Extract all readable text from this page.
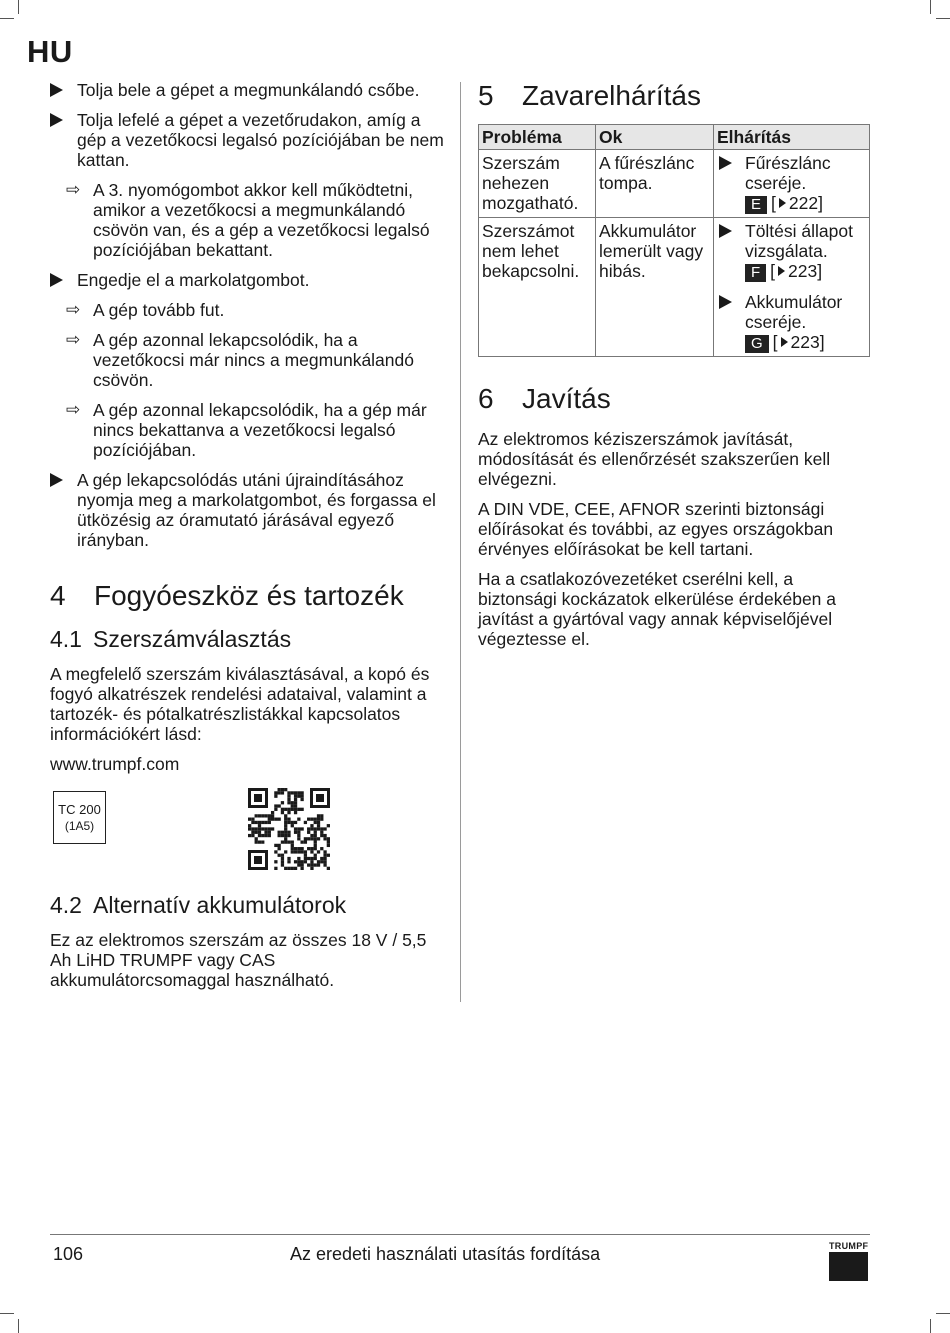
HU
Tolja bele a gépet a megmunkálandó csőbe.
Tolja lefelé a gépet a vezetőrudakon, amíg a gép a vezetőkocsi legalsó pozíciójában be nem kattan.
⇨ A 3. nyomógombot akkor kell működtetni, amikor a vezetőkocsi a megmunkálandó csövön van, és a gép a vezetőkocsi legalsó pozíciójában bekattant.
Engedje el a markolatgombot.
⇨ A gép tovább fut.
⇨ A gép azonnal lekapcsolódik, ha a vezetőkocsi már nincs a megmunkálandó csövön.
⇨ A gép azonnal lekapcsolódik, ha a gép már nincs bekattanva a vezetőkocsi legalsó pozíciójában.
A gép lekapcsolódás utáni újraindításához nyomja meg a markolatgombot, és forgassa el ütközésig az óramutató járásával egyező irányban.
4 Fogyóeszköz és tartozék
4.1 Szerszámválasztás

A megfelelő szerszám kiválasztásával, a kopó és fogyó alkatrészek rendelési adataival, valamint a tartozék- és pótalkatrészlistákkal kapcsolatos információkért lásd:

www.trumpf.com

TC 200
(1A5)
4.2 Alternatív akkumulátorok

Ez az elektromos szerszám az összes 18 V / 5,5 Ah LiHD TRUMPF vagy CAS akkumulátorcsomaggal használható.

5 Zavarelhárítás
Probléma	Ok	Elhárítás
Szerszám nehezen mozgatható.	A fűrészlánc tompa.	Fűrészlánc cseréje.
E [ 222]

Szerszámot nem lehet bekapcsolni.	Akkumulátor lemerült vagy hibás.	Töltési állapot vizsgálata.
F [ 223]
Akkumulátor cseréje.
G [ 223]
6 Javítás

Az elektromos kéziszerszámok javítását, módosítását és ellenőrzését szakszerűen kell elvégezni.

A DIN VDE, CEE, AFNOR szerinti biztonsági előírásokat és további, az egyes országokban érvényes előírásokat be kell tartani.

Ha a csatlakozóvezetéket cserélni kell, a biztonsági kockázatok elkerülése érdekében a javítást a gyártóval vagy annak képviselőjével végeztesse el.

106	Az eredeti használati utasítás fordítása	TRUMPF
